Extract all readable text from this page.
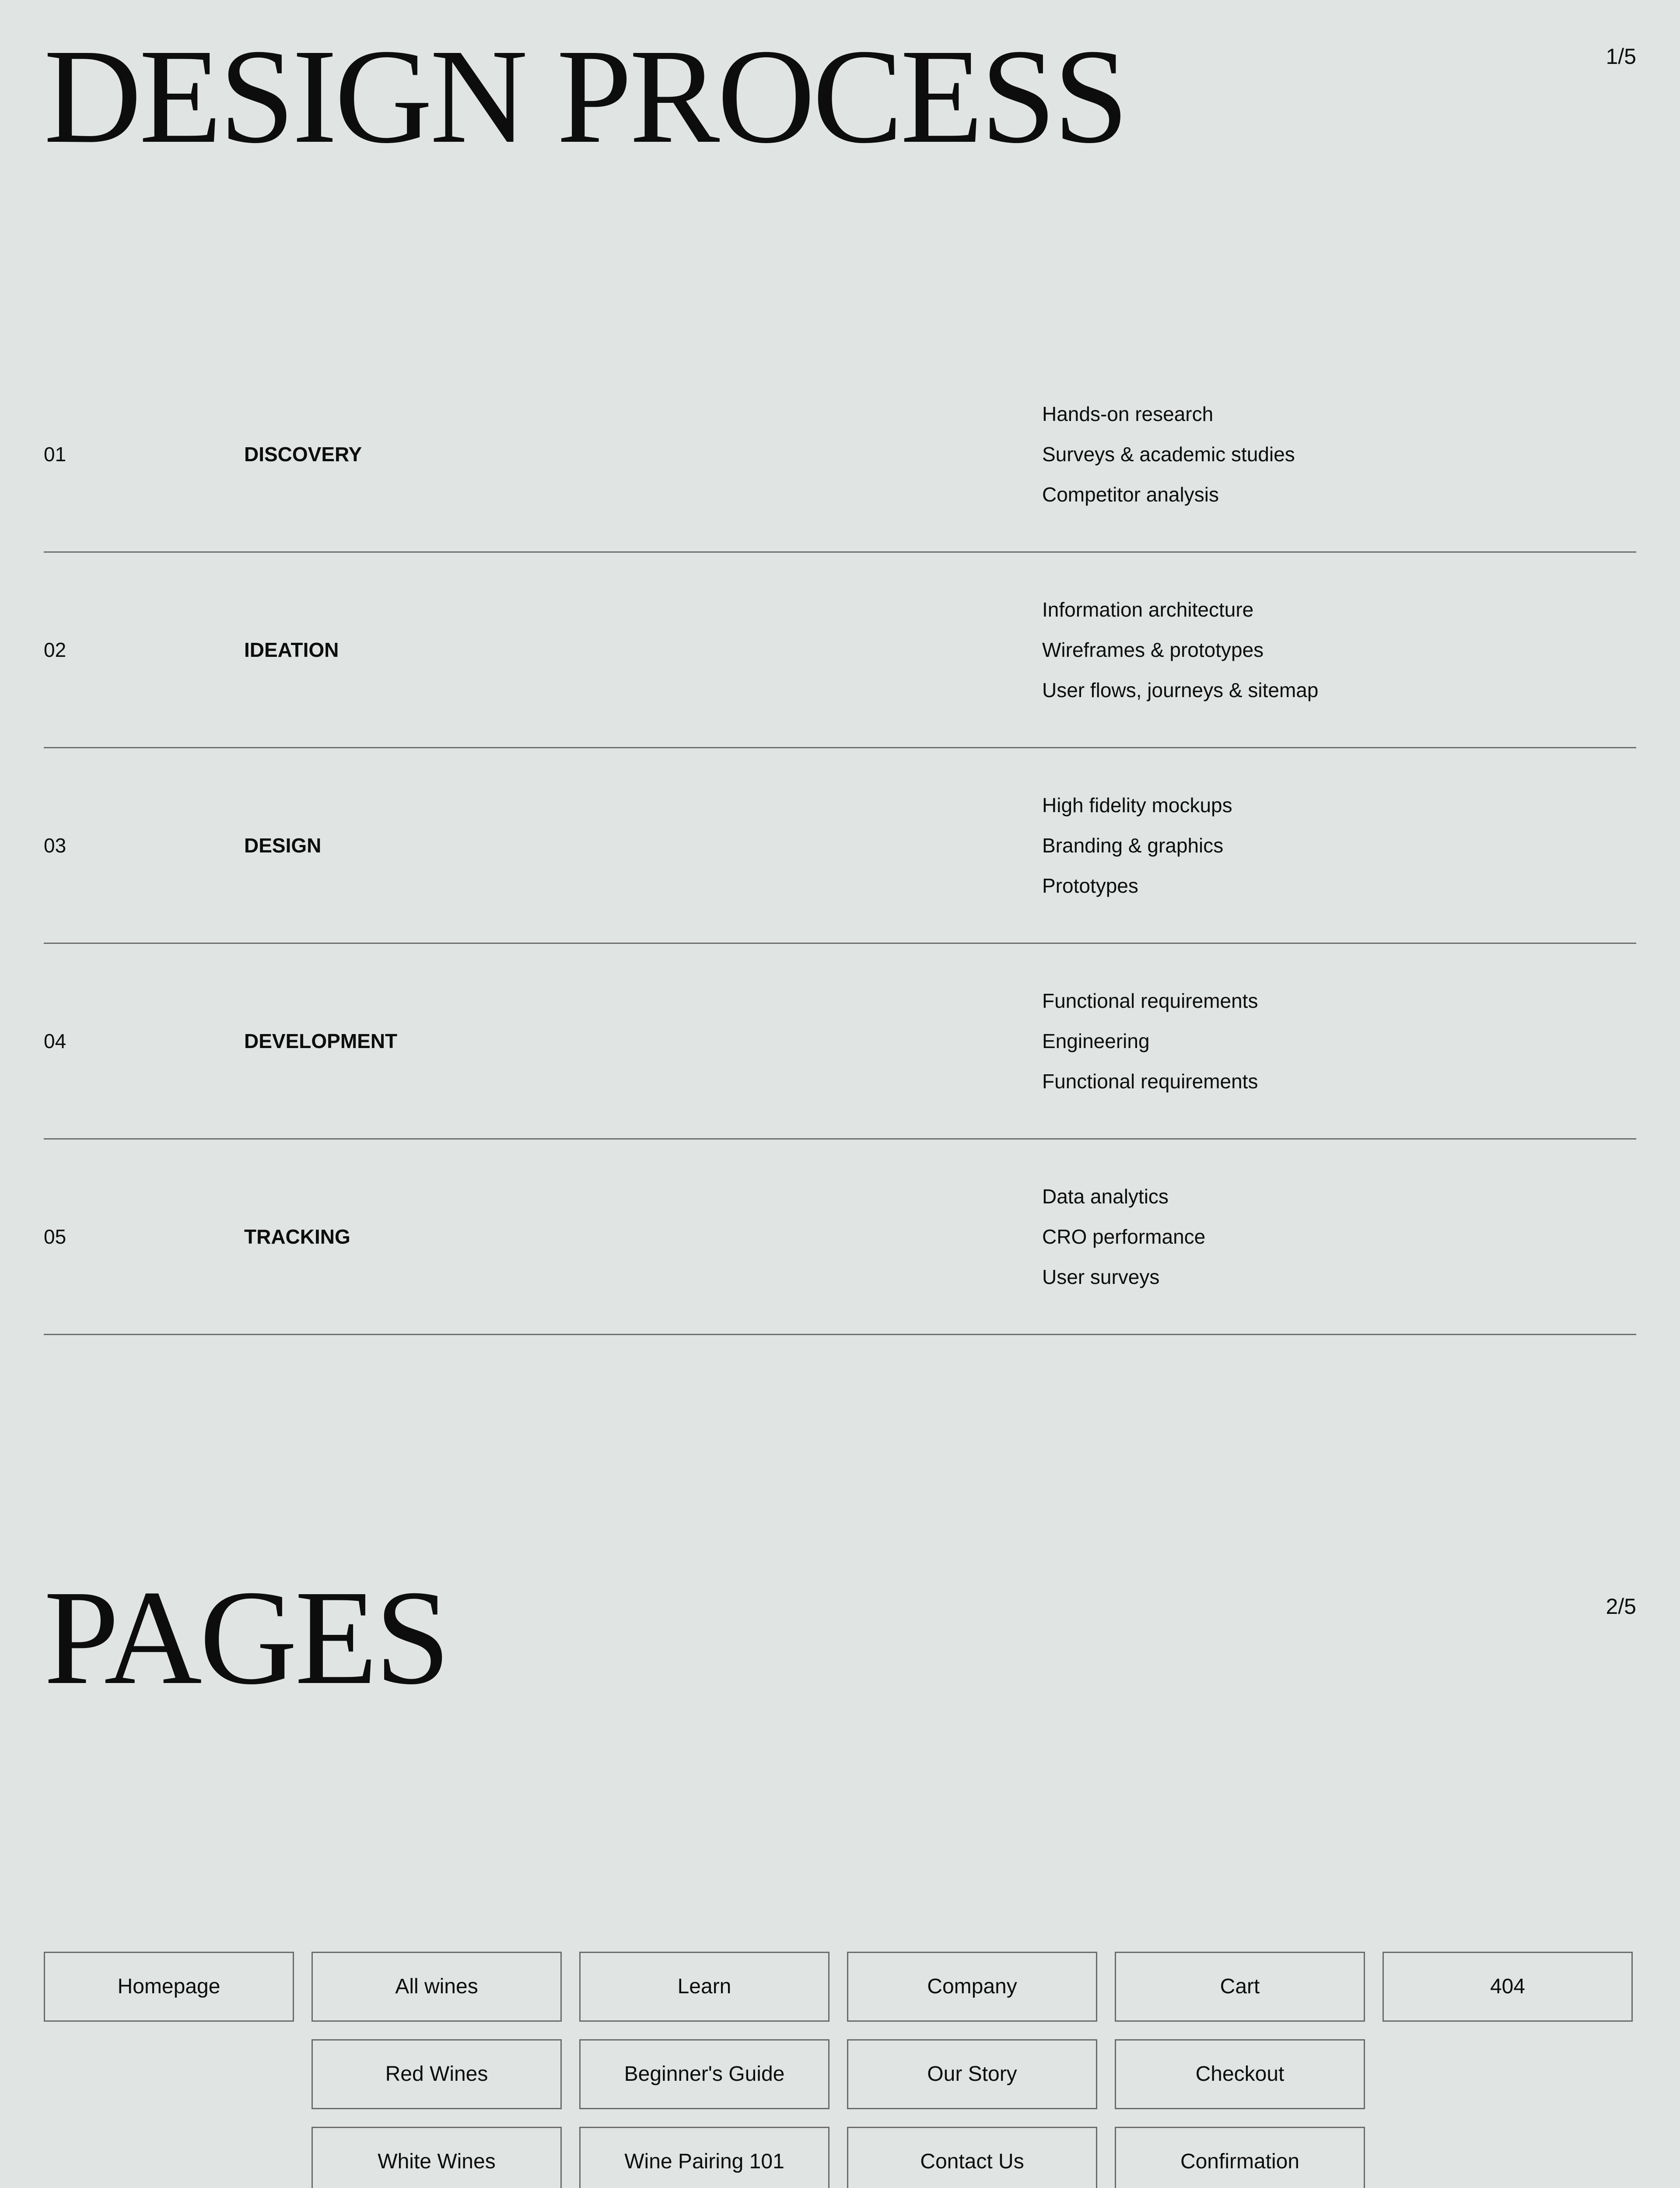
DESIGN PROCESS	1/5
01	DISCOVERY
Hands-on research
Surveys & academic studies
Competitor analysis
02	IDEATION
Information architecture
Wireframes & prototypes
User flows, journeys & sitemap
03	DESIGN
High fidelity mockups
Branding & graphics
Prototypes
04	DEVELOPMENT
Functional requirements
Engineering
Functional requirements
05	TRACKING
Data analytics
CRO performance
User surveys
PAGES	2/5
Homepage	All wines
Red Wines
White Wines
Learn
Beginner's Guide
Wine Pairing 101
Company
Our Story
Contact Us
Cart
Checkout
Confirmation
404
